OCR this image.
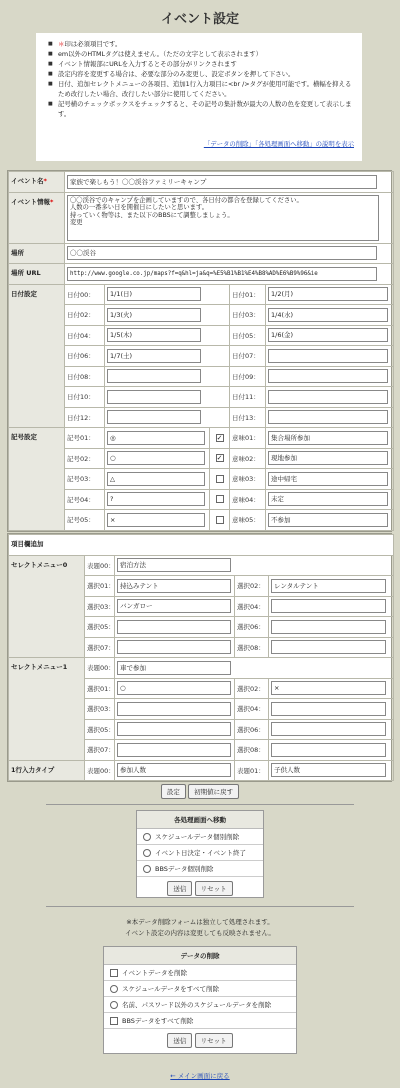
イベント設定
■ ＊印は必須項目です。
■ em以外のHTMLタグは使えません。（ただの文字として表示されます）
■ イベント情報部にURLを入力するとその部分がリンクされます
■ 設定内容を変更する場合は、必要な部分のみ変更し、設定ボタンを押して下さい。
■ 日付、追加セレクトメニューの各項目、追加1行入力項目に<br />タグが使用可能です。横幅を抑えるため改行したい場合、改行したい部分に使用してください。
■ 記号横のチェックボックスをチェックすると、その記号の集計数が最大の人数の色を変更して表示します。
「データの削除」「各処理画面へ移動」の説明を表示
イベント名*	家族で楽しもう！〇〇渓谷ファミリーキャンプ				
イベント情報*	〇〇渓谷でのキャンプを企画していますので、各日付の都合を登録してください。
人数の一番多い日を開催日にしたいと思います。
持っていく物等は、また以下のBBSにて調整しましょう。
変更				

場所	〇〇渓谷				
場所 URL	http://www.google.co.jp/maps?f=q&hl=ja&q=%E5%B1%B1%E4%B8%AD%E6%B9%96&ie				
日付設定	日付00：	1/1(日)		日付01：	1/2(月)
	日付02：	1/3(火)		日付03：	1/4(水)
	日付04：	1/5(木)		日付05：	1/6(金)
	日付06：	1/7(土)		日付07：	
	日付08：			日付09：	
	日付10：			日付11：	
	日付12：			日付13：	
記号設定	記号01：	◎	✓	意味01：	集合場所参加
	記号02：	○	✓	意味02：	現地参加
	記号03：	△		意味03：	途中帰宅
	記号04：	?		意味04：	未定
	記号05：	×		意味05：	不参加
項目欄追加				
セレクトメニュー0	表題00：	宿泊方法		
	選択01：	持込みテント	選択02：	レンタルテント
	選択03：	バンガロー	選択04：	
	選択05：		選択06：	
	選択07：		選択08：	
セレクトメニュー1	表題00：	車で参加		
	選択01：	○	選択02：	×
	選択03：		選択04：	
	選択05：		選択06：	
	選択07：		選択08：	
1行入力タイプ	表題00：	参加人数	表題01：	子供人数
設定 初期値に戻す
各処理画面へ移動
スケジュールデータ個別削除
イベント日決定・イベント終了
BBSデータ個別削除
送信 リセット
※本データ削除フォームは独立して処理されます。
イベント設定の内容は変更しても反映されません。
データの削除
イベントデータを削除
スケジュールデータをすべて削除
名前、パスワード以外のスケジュールデータを削除
BBSデータをすべて削除
送信 リセット
← メイン画面に戻る
